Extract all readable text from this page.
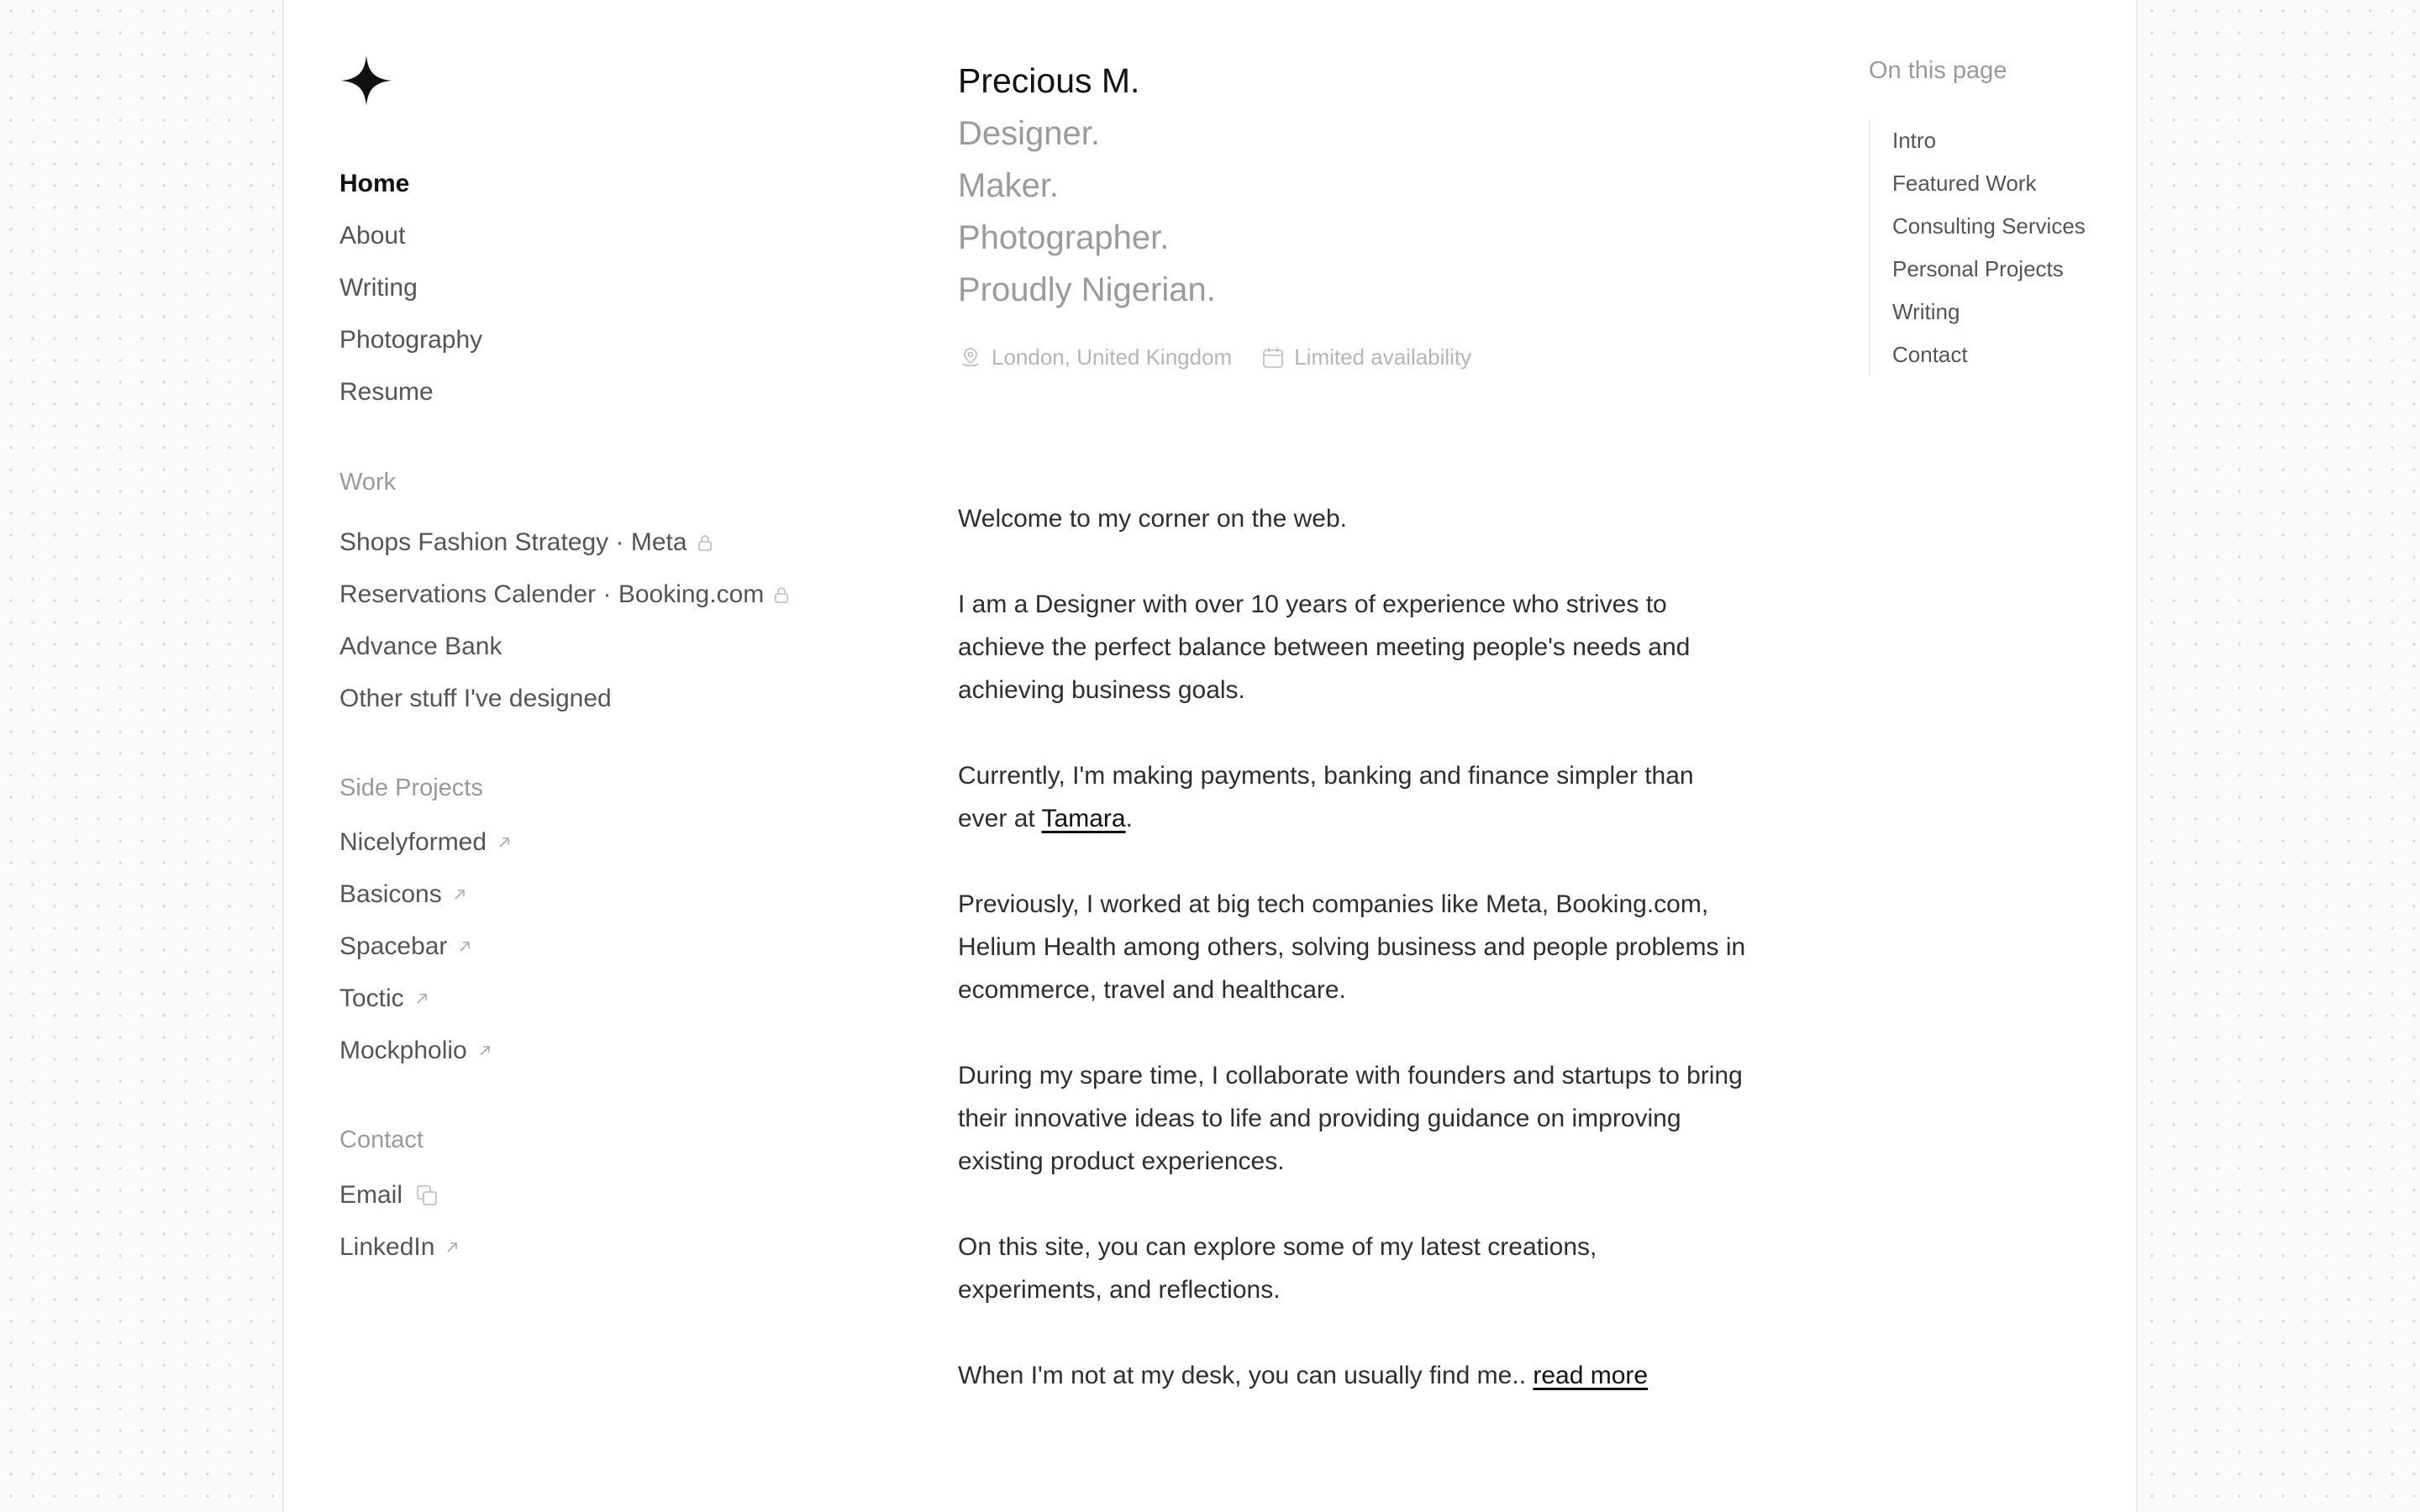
Home
About
Writing
Photography
Resume
Work
Shops Fashion Strategy · Meta
Reservations Calender · Booking.com
Advance Bank
Other stuff I've designed
Side Projects
Nicelyformed
Basicons
Spacebar
Toctic
Mockpholio
Contact
Email
LinkedIn
Precious M.
Designer.
Maker.
Photographer.
Proudly Nigerian.
London, United Kingdom	Limited availability

Welcome to my corner on the web.

I am a Designer with over 10 years of experience who strives to achieve the perfect balance between meeting people's needs and achieving business goals.

Currently, I'm making payments, banking and finance simpler than ever at Tamara.

Previously, I worked at big tech companies like Meta, Booking.com, Helium Health among others, solving business and people problems in ecommerce, travel and healthcare.

During my spare time, I collaborate with founders and startups to bring their innovative ideas to life and providing guidance on improving existing product experiences.

On this site, you can explore some of my latest creations, experiments, and reflections.

When I'm not at my desk, you can usually find me.. read more

On this page
Intro
Featured Work
Consulting Services
Personal Projects
Writing
Contact
